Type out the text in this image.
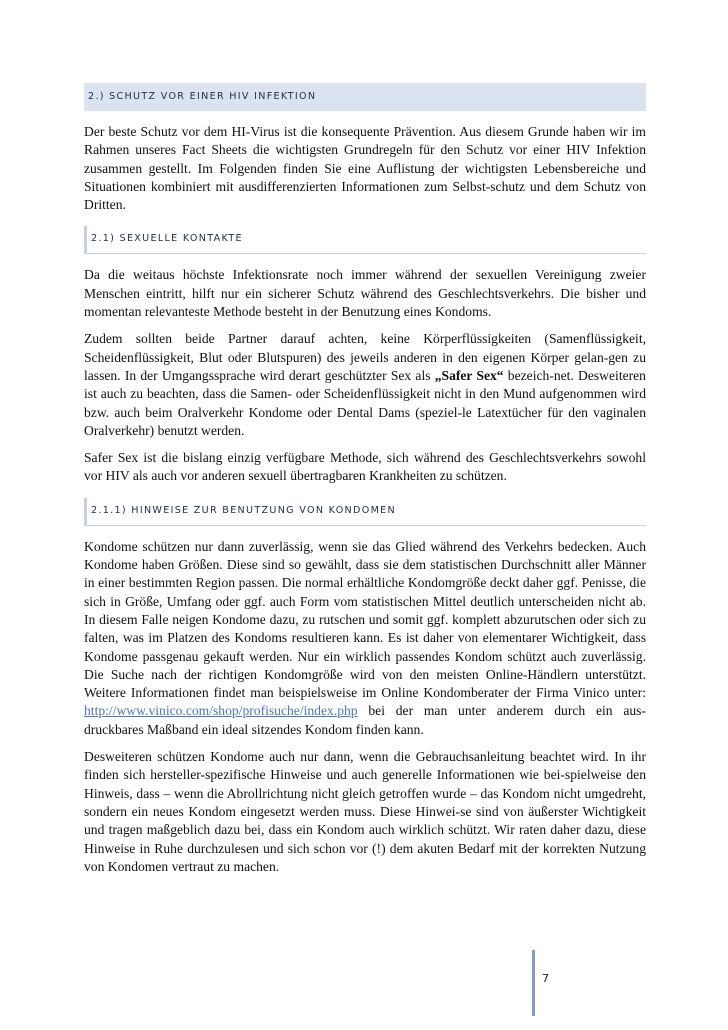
2.) SCHUTZ VOR EINER HIV INFEKTION

Der beste Schutz vor dem HI-Virus ist die konsequente Prävention. Aus diesem Grunde haben wir im Rahmen unseres Fact Sheets die wichtigsten Grundregeln für den Schutz vor einer HIV Infektion zusammen gestellt. Im Folgenden finden Sie eine Auflistung der wichtigsten Lebensbereiche und Situationen kombiniert mit ausdifferenzierten Informationen zum Selbst-schutz und dem Schutz von Dritten.

2.1) SEXUELLE KONTAKTE

Da die weitaus höchste Infektionsrate noch immer während der sexuellen Vereinigung zweier Menschen eintritt, hilft nur ein sicherer Schutz während des Geschlechtsverkehrs. Die bisher und momentan relevanteste Methode besteht in der Benutzung eines Kondoms.

Zudem sollten beide Partner darauf achten, keine Körperflüssigkeiten (Samenflüssigkeit, Scheidenflüssigkeit, Blut oder Blutspuren) des jeweils anderen in den eigenen Körper gelan-gen zu lassen. In der Umgangssprache wird derart geschützter Sex als „Safer Sex“ bezeich-net. Desweiteren ist auch zu beachten, dass die Samen- oder Scheidenflüssigkeit nicht in den Mund aufgenommen wird bzw. auch beim Oralverkehr Kondome oder Dental Dams (speziel-le Latextücher für den vaginalen Oralverkehr) benutzt werden.

Safer Sex ist die bislang einzig verfügbare Methode, sich während des Geschlechtsverkehrs sowohl vor HIV als auch vor anderen sexuell übertragbaren Krankheiten zu schützen.

2.1.1) HINWEISE ZUR BENUTZUNG VON KONDOMEN

Kondome schützen nur dann zuverlässig, wenn sie das Glied während des Verkehrs bedecken. Auch Kondome haben Größen. Diese sind so gewählt, dass sie dem statistischen Durchschnitt aller Männer in einer bestimmten Region passen. Die normal erhältliche Kondomgröße deckt daher ggf. Penisse, die sich in Größe, Umfang oder ggf. auch Form vom statistischen Mittel deutlich unterscheiden nicht ab. In diesem Falle neigen Kondome dazu, zu rutschen und somit ggf. komplett abzurutschen oder sich zu falten, was im Platzen des Kondoms resultieren kann. Es ist daher von elementarer Wichtigkeit, dass Kondome passgenau gekauft werden. Nur ein wirklich passendes Kondom schützt auch zuverlässig. Die Suche nach der richtigen Kondomgröße wird von den meisten Online-Händlern unterstützt. Weitere Informationen findet man beispielsweise im Online Kondomberater der Firma Vinico unter: http://www.vinico.com/shop/profisuche/index.php bei der man unter anderem durch ein aus-druckbares Maßband ein ideal sitzendes Kondom finden kann.

Desweiteren schützen Kondome auch nur dann, wenn die Gebrauchsanleitung beachtet wird. In ihr finden sich hersteller-spezifische Hinweise und auch generelle Informationen wie bei-spielweise den Hinweis, dass – wenn die Abrollrichtung nicht gleich getroffen wurde – das Kondom nicht umgedreht, sondern ein neues Kondom eingesetzt werden muss. Diese Hinwei-se sind von äußerster Wichtigkeit und tragen maßgeblich dazu bei, dass ein Kondom auch wirklich schützt. Wir raten daher dazu, diese Hinweise in Ruhe durchzulesen und sich schon vor (!) dem akuten Bedarf mit der korrekten Nutzung von Kondomen vertraut zu machen.

7
